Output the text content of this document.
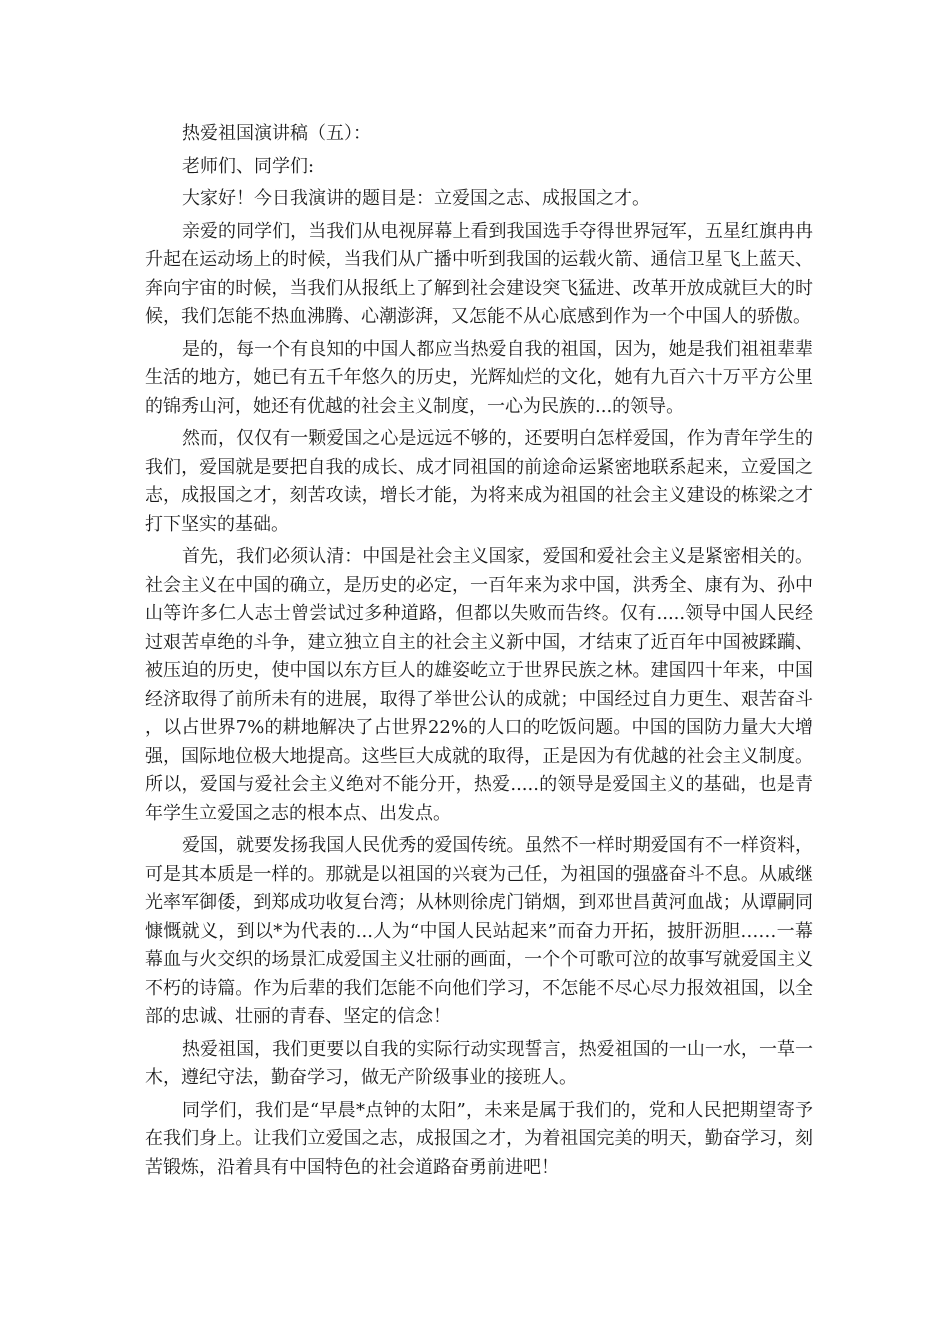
热爱祖国演讲稿（五）：

老师们、同学们:

大家好！今日我演讲的题目是：立爱国之志、成报国之才。

亲爱的同学们，当我们从电视屏幕上看到我国选手夺得世界冠军，五星红旗冉冉升起在运动场上的时候，当我们从广播中听到我国的运载火箭、通信卫星飞上蓝天、奔向宇宙的时候，当我们从报纸上了解到社会建设突飞猛进、改革开放成就巨大的时候，我们怎能不热血沸腾、心潮澎湃，又怎能不从心底感到作为一个中国人的骄傲。

是的，每一个有良知的中国人都应当热爱自我的祖国，因为，她是我们祖祖辈辈生活的地方，她已有五千年悠久的历史，光辉灿烂的文化，她有九百六十万平方公里的锦秀山河，她还有优越的社会主义制度，一心为民族的...的领导。

然而，仅仅有一颗爱国之心是远远不够的，还要明白怎样爱国，作为青年学生的我们，爱国就是要把自我的成长、成才同祖国的前途命运紧密地联系起来，立爱国之志，成报国之才，刻苦攻读，增长才能，为将来成为祖国的社会主义建设的栋梁之才打下坚实的基础。

首先，我们必须认清：中国是社会主义国家，爱国和爱社会主义是紧密相关的。社会主义在中国的确立，是历史的必定，一百年来为求中国，洪秀全、康有为、孙中山等许多仁人志士曾尝试过多种道路，但都以失败而告终。仅有.....领导中国人民经过艰苦卓绝的斗争，建立独立自主的社会主义新中国，才结束了近百年中国被蹂躏、被压迫的历史，使中国以东方巨人的雄姿屹立于世界民族之林。建国四十年来，中国经济取得了前所未有的进展，取得了举世公认的成就；中国经过自力更生、艰苦奋斗，以占世界7%的耕地解决了占世界22%的人口的吃饭问题。中国的国防力量大大增强，国际地位极大地提高。这些巨大成就的取得，正是因为有优越的社会主义制度。所以，爱国与爱社会主义绝对不能分开，热爱.....的领导是爱国主义的基础，也是青年学生立爱国之志的根本点、出发点。

爱国，就要发扬我国人民优秀的爱国传统。虽然不一样时期爱国有不一样资料，可是其本质是一样的。那就是以祖国的兴衰为己任，为祖国的强盛奋斗不息。从戚继光率军御倭，到郑成功收复台湾；从林则徐虎门销烟，到邓世昌黄河血战；从谭嗣同慷慨就义，到以*为代表的...人为“中国人民站起来”而奋力开拓，披肝沥胆……一幕幕血与火交织的场景汇成爱国主义壮丽的画面，一个个可歌可泣的故事写就爱国主义不朽的诗篇。作为后辈的我们怎能不向他们学习，不怎能不尽心尽力报效祖国，以全部的忠诚、壮丽的青春、坚定的信念！

热爱祖国，我们更要以自我的实际行动实现誓言，热爱祖国的一山一水，一草一木，遵纪守法，勤奋学习，做无产阶级事业的接班人。

同学们，我们是“早晨*点钟的太阳”，未来是属于我们的，党和人民把期望寄予在我们身上。让我们立爱国之志，成报国之才，为着祖国完美的明天，勤奋学习，刻苦锻炼，沿着具有中国特色的社会道路奋勇前进吧！
